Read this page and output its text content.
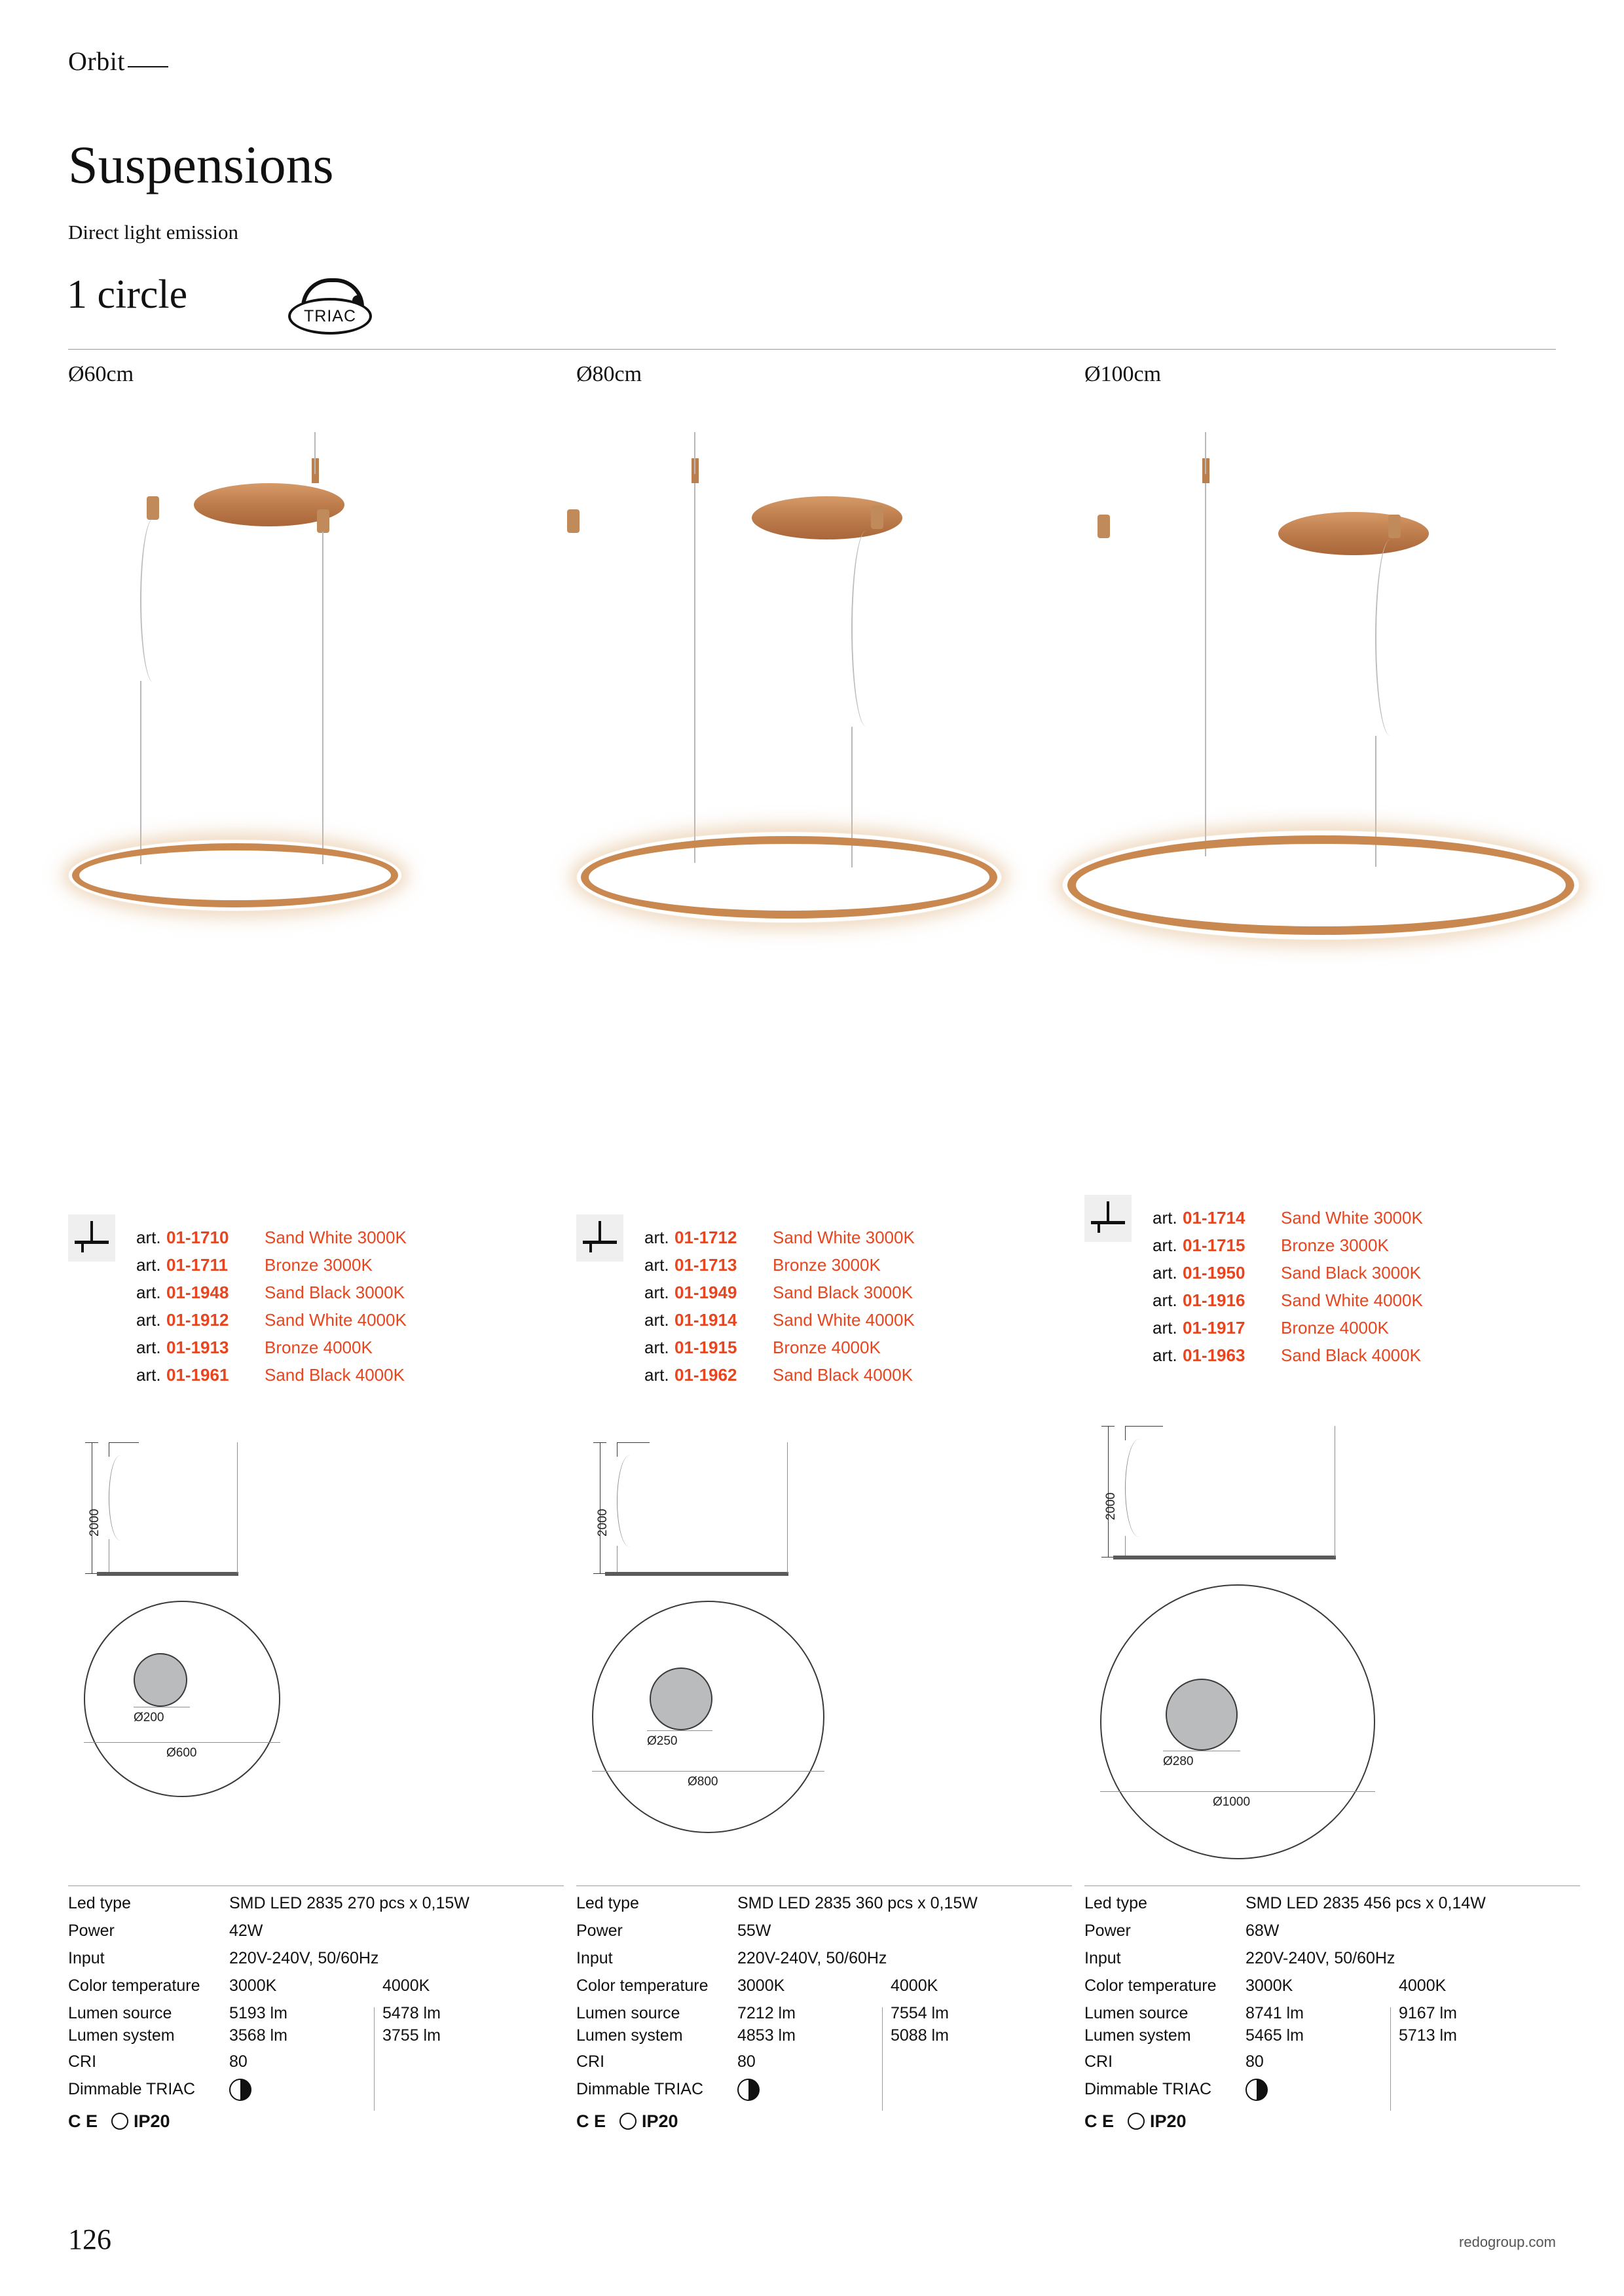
Orbit
Suspensions
Direct light emission
1 circle	TRIAC
Ø60cm	Ø80cm	Ø100cm
art. 01-1710 Sand White 3000K
art. 01-1711 Bronze 3000K
art. 01-1948 Sand Black 3000K
art. 01-1912 Sand White 4000K
art. 01-1913 Bronze 4000K
art. 01-1961 Sand Black 4000K
art. 01-1712 Sand White 3000K
art. 01-1713 Bronze 3000K
art. 01-1949 Sand Black 3000K
art. 01-1914 Sand White 4000K
art. 01-1915 Bronze 4000K
art. 01-1962 Sand Black 4000K
art. 01-1714 Sand White 3000K
art. 01-1715 Bronze 3000K
art. 01-1950 Sand Black 3000K
art. 01-1916 Sand White 4000K
art. 01-1917 Bronze 4000K
art. 01-1963 Sand Black 4000K
2000
Ø200
Ø600
2000
Ø250
Ø800
2000
Ø280
Ø1000
Led type	SMD LED 2835 270 pcs x 0,15W
Power	42W
Input	220V-240V, 50/60Hz
Color temperature 3000K	4000K
Lumen source	5193 lm	5478 lm
Lumen system	3568 lm	3755 lm
CRI	80
Dimmable TRIAC
C E IP20
Led type	SMD LED 2835 360 pcs x 0,15W
Power	55W
Input	220V-240V, 50/60Hz
Color temperature 3000K	4000K
Lumen source	7212 lm	7554 lm
Lumen system	4853 lm	5088 lm
CRI	80
Dimmable TRIAC
C E IP20
Led type	SMD LED 2835 456 pcs x 0,14W
Power	68W
Input	220V-240V, 50/60Hz
Color temperature 3000K	4000K
Lumen source	8741 lm	9167 lm
Lumen system	5465 lm	5713 lm
CRI	80
Dimmable TRIAC
C E IP20
126	redogroup.com
